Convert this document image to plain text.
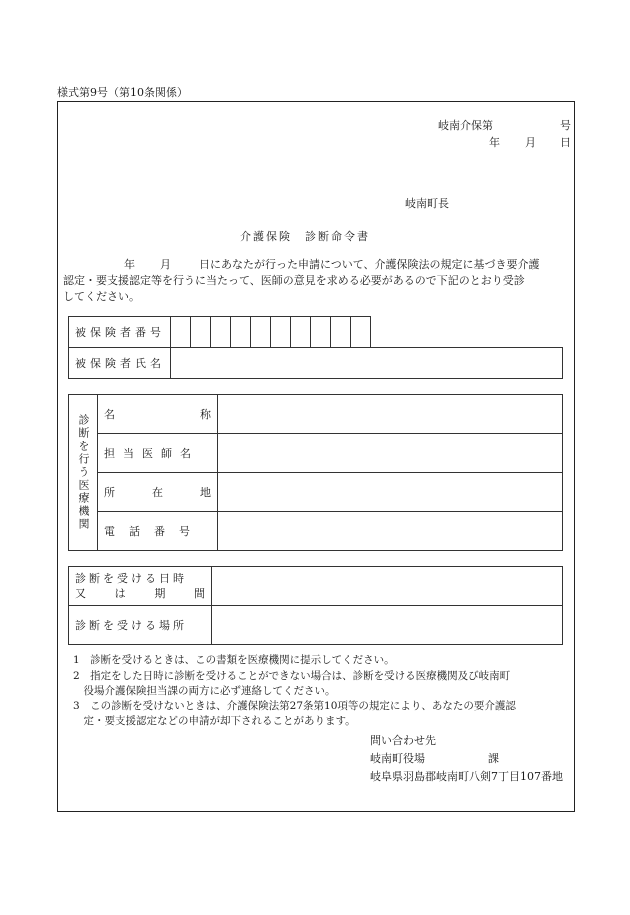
様式第9号（第10条関係）
岐南介保第	号
年 月 日
岐南町長
介護保険　診断命令書
年 月	日にあなたが行った申請について、介護保険法の規定に基づき要介護
認定・要支援認定等を行うに当たって、医師の意見を求める必要があるので下記のとおり受診
してください。
被保険者番号											
被保険者氏名											
診断を行う医療機関	名 称	

	担当医師名	

	所 在 地	

	電話番号	
診断を受ける日時
又 は 期 間	

診断を受ける場所	
1　診断を受けるときは、この書類を医療機関に提示してください。
2　指定をした日時に診断を受けることができない場合は、診断を受ける医療機関及び岐南町
　役場介護保険担当課の両方に必ず連絡してください。
3　この診断を受けないときは、介護保険法第27条第10項等の規定により、あなたの要介護認
　定・要支援認定などの申請が却下されることがあります。
問い合わせ先
岐南町役場	課
岐阜県羽島郡岐南町八剣7丁目107番地
